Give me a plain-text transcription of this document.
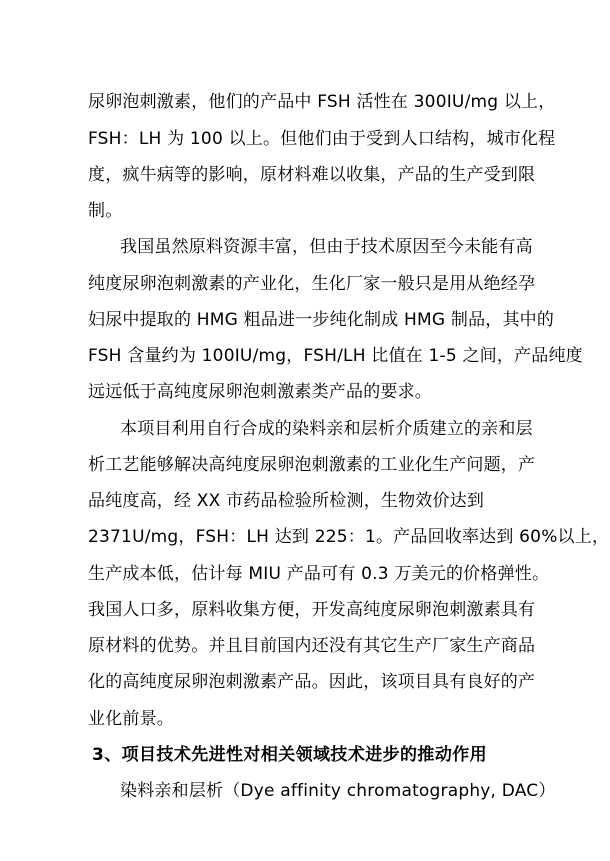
尿卵泡刺激素，他们的产品中 FSH 活性在 300IU/mg 以上，
FSH：LH 为 100 以上。但他们由于受到人口结构，城市化程
度，疯牛病等的影响，原材料难以收集，产品的生产受到限
制。
我国虽然原料资源丰富，但由于技术原因至今未能有高
纯度尿卵泡刺激素的产业化，生化厂家一般只是用从绝经孕
妇尿中提取的 HMG 粗品进一步纯化制成 HMG 制品，其中的
FSH 含量约为 100IU/mg，FSH/LH 比值在 1-5 之间，产品纯度
远远低于高纯度尿卵泡刺激素类产品的要求。
本项目利用自行合成的染料亲和层析介质建立的亲和层
析工艺能够解决高纯度尿卵泡刺激素的工业化生产问题，产
品纯度高，经 XX 市药品检验所检测，生物效价达到
2371U/mg，FSH：LH 达到 225：1。产品回收率达到 60%以上，
生产成本低，估计每 MIU 产品可有 0.3 万美元的价格弹性。
我国人口多，原料收集方便，开发高纯度尿卵泡刺激素具有
原材料的优势。并且目前国内还没有其它生产厂家生产商品
化的高纯度尿卵泡刺激素产品。因此，该项目具有良好的产
业化前景。
3、项目技术先进性对相关领域技术进步的推动作用
染料亲和层析（Dye affinity chromatography, DAC）
